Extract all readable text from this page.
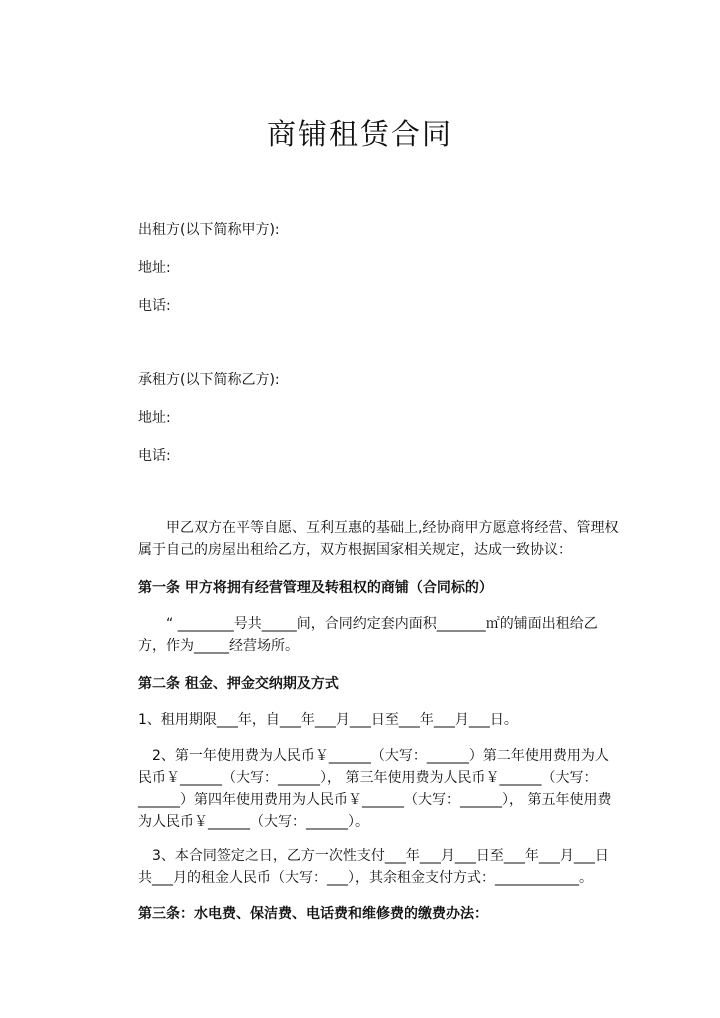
商铺租赁合同
出租方(以下简称甲方):
地址:
电话:
承租方(以下简称乙方):
地址:
电话:
甲乙双方在平等自愿、互利互惠的基础上,经协商甲方愿意将经营、管理权
属于自己的房屋出租给乙方，双方根据国家相关规定，达成一致协议：
第一条 甲方将拥有经营管理及转租权的商铺（合同标的）
“ ________号共_____间，合同约定套内面积_______㎡的铺面出租给乙
方，作为_____经营场所。
第二条 租金、押金交纳期及方式
1、租用期限___年，自___年___月___日至___年___月___日。
2、第一年使用费为人民币￥______（大写：______）第二年使用费用为人
民币￥______（大写：______）， 第三年使用费为人民币￥______（大写：
______）第四年使用费用为人民币￥______（大写：______）， 第五年使用费
为人民币￥______（大写：______）。
3、本合同签定之日，乙方一次性支付___年___月___日至___年___月___日
共___月的租金人民币（大写：___），其余租金支付方式：____________。
第三条：水电费、保洁费、电话费和维修费的缴费办法：
